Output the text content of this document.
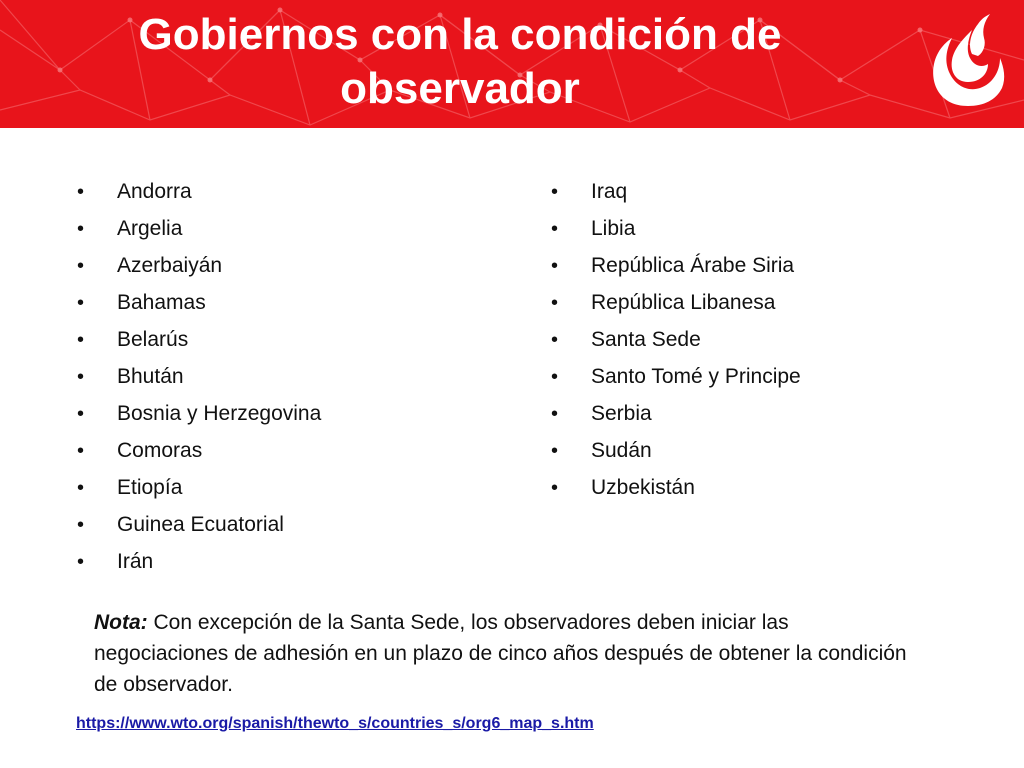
Gobiernos con la condición de
observador
• Andorra
• Argelia
• Azerbaiyán
• Bahamas
• Belarús
• Bhután
• Bosnia y Herzegovina
• Comoras
• Etiopía
• Guinea Ecuatorial
• Irán
• Iraq
• Libia
• República Árabe Siria
• República Libanesa
• Santa Sede
• Santo Tomé y Principe
• Serbia
• Sudán
• Uzbekistán

Nota: Con excepción de la Santa Sede, los observadores deben iniciar las negociaciones de adhesión en un plazo de cinco años después de obtener la condición de observador.

https://www.wto.org/spanish/thewto_s/countries_s/org6_map_s.htm
